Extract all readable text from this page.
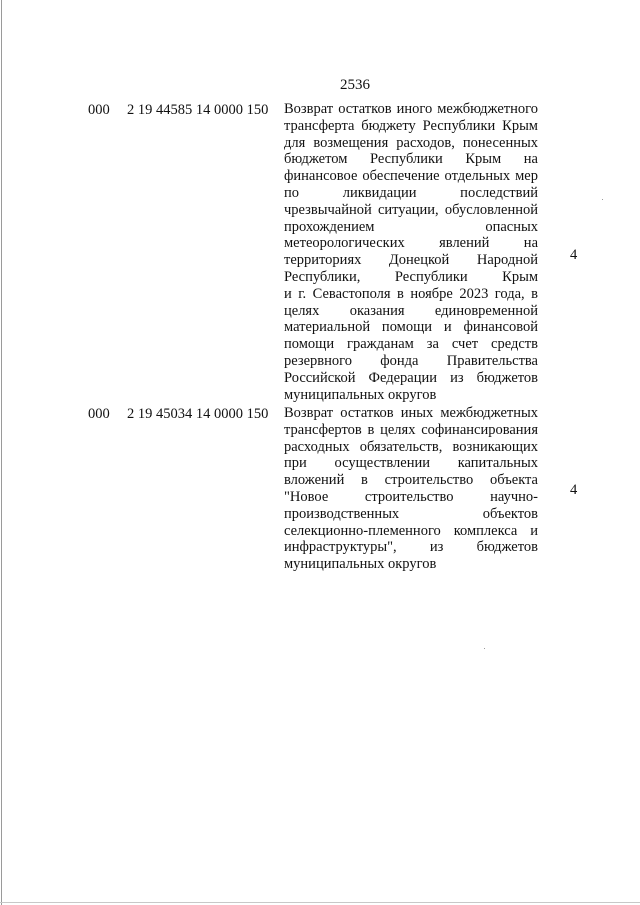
2536
000 2 19 44585 14 0000 150 Возврат остатков иного межбюджетного
трансферта бюджету Республики Крым
для возмещения расходов, понесенных
бюджетом Республики Крым на
финансовое обеспечение отдельных мер
по ликвидации последствий
чрезвычайной ситуации, обусловленной
прохождением опасных
метеорологических явлений на
территориях Донецкой Народной
Республики, Республики Крым
и г. Севастополя в ноябре 2023 года, в
целях оказания единовременной
материальной помощи и финансовой
помощи гражданам за счет средств
резервного фонда Правительства
Российской Федерации из бюджетов
муниципальных округов
4
000 2 19 45034 14 0000 150 Возврат остатков иных межбюджетных
трансфертов в целях софинансирования
расходных обязательств, возникающих
при осуществлении капитальных
вложений в строительство объекта
"Новое строительство научно-
производственных объектов
селекционно-племенного комплекса и
инфраструктуры", из бюджетов
муниципальных округов
4
